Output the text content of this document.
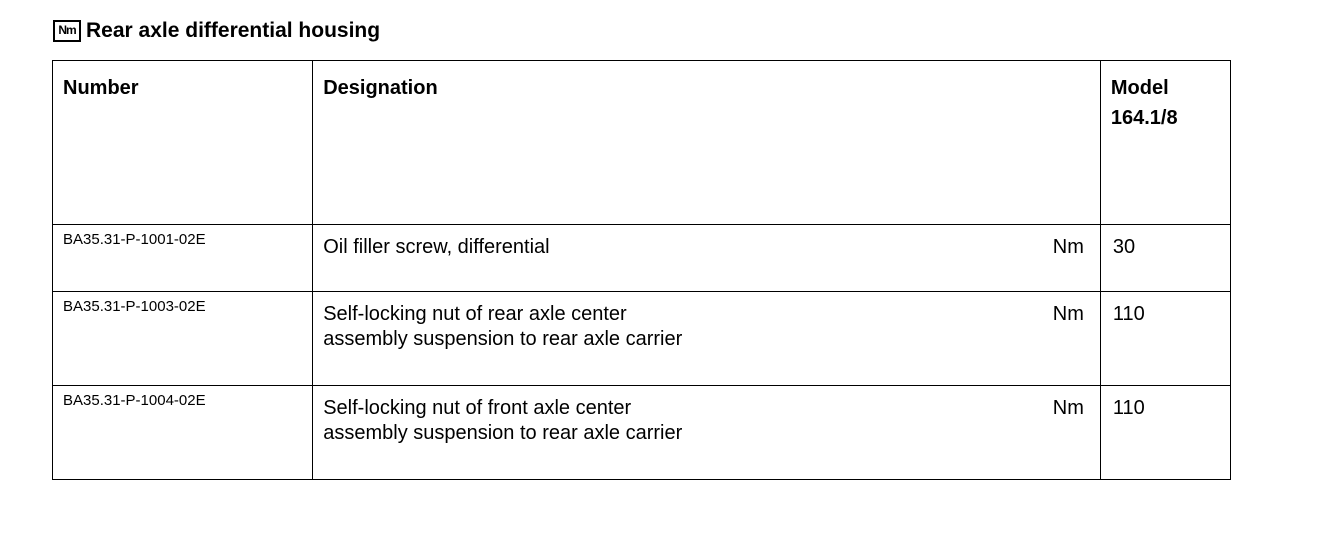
Nm Rear axle differential housing
Number	Designation	Model
164.1/8

BA35.31-P-1001-02E	Oil filler screw, differential Nm	30

BA35.31-P-1003-02E	Self-locking nut of rear axle center
assembly suspension to rear axle carrier
Nm	110

BA35.31-P-1004-02E	Self-locking nut of front axle center
assembly suspension to rear axle carrier
Nm	110
